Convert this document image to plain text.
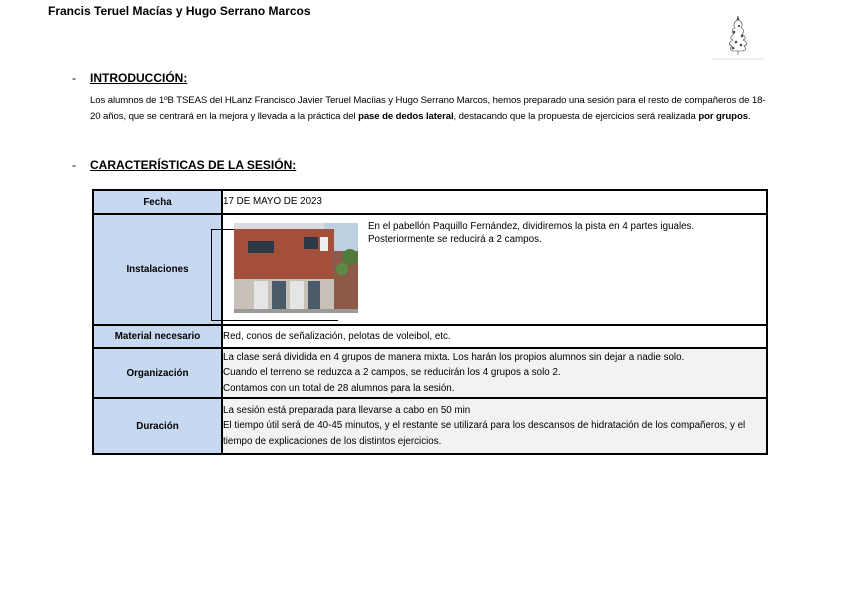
Francis Teruel Macías y Hugo Serrano Marcos
-	INTRODUCCIÓN:

Los alumnos de 1ºB TSEAS del HLanz Francisco Javier Teruel Macíias y Hugo Serrano Marcos, hemos preparado una sesión para el resto de compañeros de 18-20 años, que se centrará en la mejora y llevada a la práctica del pase de dedos lateral, destacando que la propuesta de ejercicios será realizada por grupos.

-	CARACTERÍSTICAS DE LA SESIÓN:
Fecha	17 DE MAYO DE 2023
Instalaciones	En el pabellón Paquillo Fernández, dividiremos la pista en 4 partes iguales.
Posteriormente se reducirá a 2 campos.

Material necesario	Red, conos de señalización, pelotas de voleibol, etc.
Organización	La clase será dividida en 4 grupos de manera mixta. Los harán los propios alumnos sin dejar a nadie solo.
Cuando el terreno se reduzca a 2 campos, se reducirán los 4 grupos a solo 2.
Contamos con un total de 28 alumnos para la sesión.

Duración	La sesión está preparada para llevarse a cabo en 50 min
El tiempo útil será de 40-45 minutos, y el restante se utilizará para los descansos de hidratación de los compañeros, y el tiempo de explicaciones de los distintos ejercicios.
